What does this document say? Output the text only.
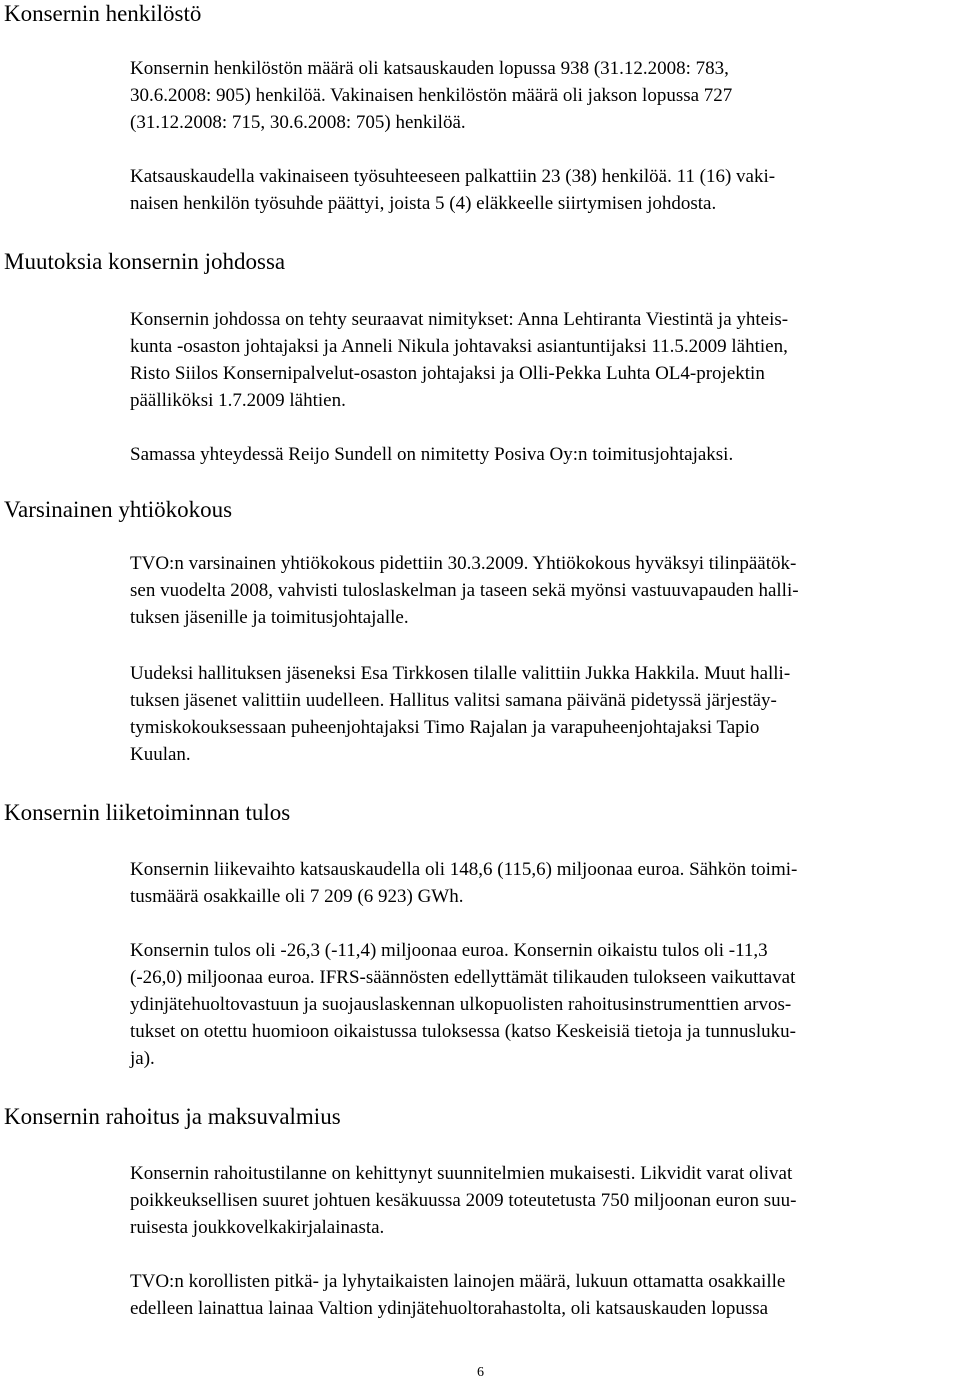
Konsernin henkilöstö

Konsernin henkilöstön määrä oli katsauskauden lopussa 938 (31.12.2008: 783,
30.6.2008: 905) henkilöä. Vakinaisen henkilöstön määrä oli jakson lopussa 727
(31.12.2008: 715, 30.6.2008: 705) henkilöä.

Katsauskaudella vakinaiseen työsuhteeseen palkattiin 23 (38) henkilöä. 11 (16) vaki-
naisen henkilön työsuhde päättyi, joista 5 (4) eläkkeelle siirtymisen johdosta.

Muutoksia konsernin johdossa

Konsernin johdossa on tehty seuraavat nimitykset: Anna Lehtiranta Viestintä ja yhteis-
kunta -osaston johtajaksi ja Anneli Nikula johtavaksi asiantuntijaksi 11.5.2009 lähtien,
Risto Siilos Konsernipalvelut-osaston johtajaksi ja Olli-Pekka Luhta OL4-projektin
päälliköksi 1.7.2009 lähtien.

Samassa yhteydessä Reijo Sundell on nimitetty Posiva Oy:n toimitusjohtajaksi.

Varsinainen yhtiökokous

TVO:n varsinainen yhtiökokous pidettiin 30.3.2009. Yhtiökokous hyväksyi tilinpäätök-
sen vuodelta 2008, vahvisti tuloslaskelman ja taseen sekä myönsi vastuuvapauden halli-
tuksen jäsenille ja toimitusjohtajalle.

Uudeksi hallituksen jäseneksi Esa Tirkkosen tilalle valittiin Jukka Hakkila. Muut halli-
tuksen jäsenet valittiin uudelleen. Hallitus valitsi samana päivänä pidetyssä järjestäy-
tymiskokouksessaan puheenjohtajaksi Timo Rajalan ja varapuheenjohtajaksi Tapio
Kuulan.

Konsernin liiketoiminnan tulos

Konsernin liikevaihto katsauskaudella oli 148,6 (115,6) miljoonaa euroa. Sähkön toimi-
tusmäärä osakkaille oli 7 209 (6 923) GWh.

Konsernin tulos oli -26,3 (-11,4) miljoonaa euroa. Konsernin oikaistu tulos oli -11,3
(-26,0) miljoonaa euroa. IFRS-säännösten edellyttämät tilikauden tulokseen vaikuttavat
ydinjätehuoltovastuun ja suojauslaskennan ulkopuolisten rahoitusinstrumenttien arvos-
tukset on otettu huomioon oikaistussa tuloksessa (katso Keskeisiä tietoja ja tunnusluku-
ja).

Konsernin rahoitus ja maksuvalmius

Konsernin rahoitustilanne on kehittynyt suunnitelmien mukaisesti. Likvidit varat olivat
poikkeuksellisen suuret johtuen kesäkuussa 2009 toteutetusta 750 miljoonan euron suu-
ruisesta joukkovelkakirjalainasta.

TVO:n korollisten pitkä- ja lyhytaikaisten lainojen määrä, lukuun ottamatta osakkaille
edelleen lainattua lainaa Valtion ydinjätehuoltorahastolta, oli katsauskauden lopussa

6
